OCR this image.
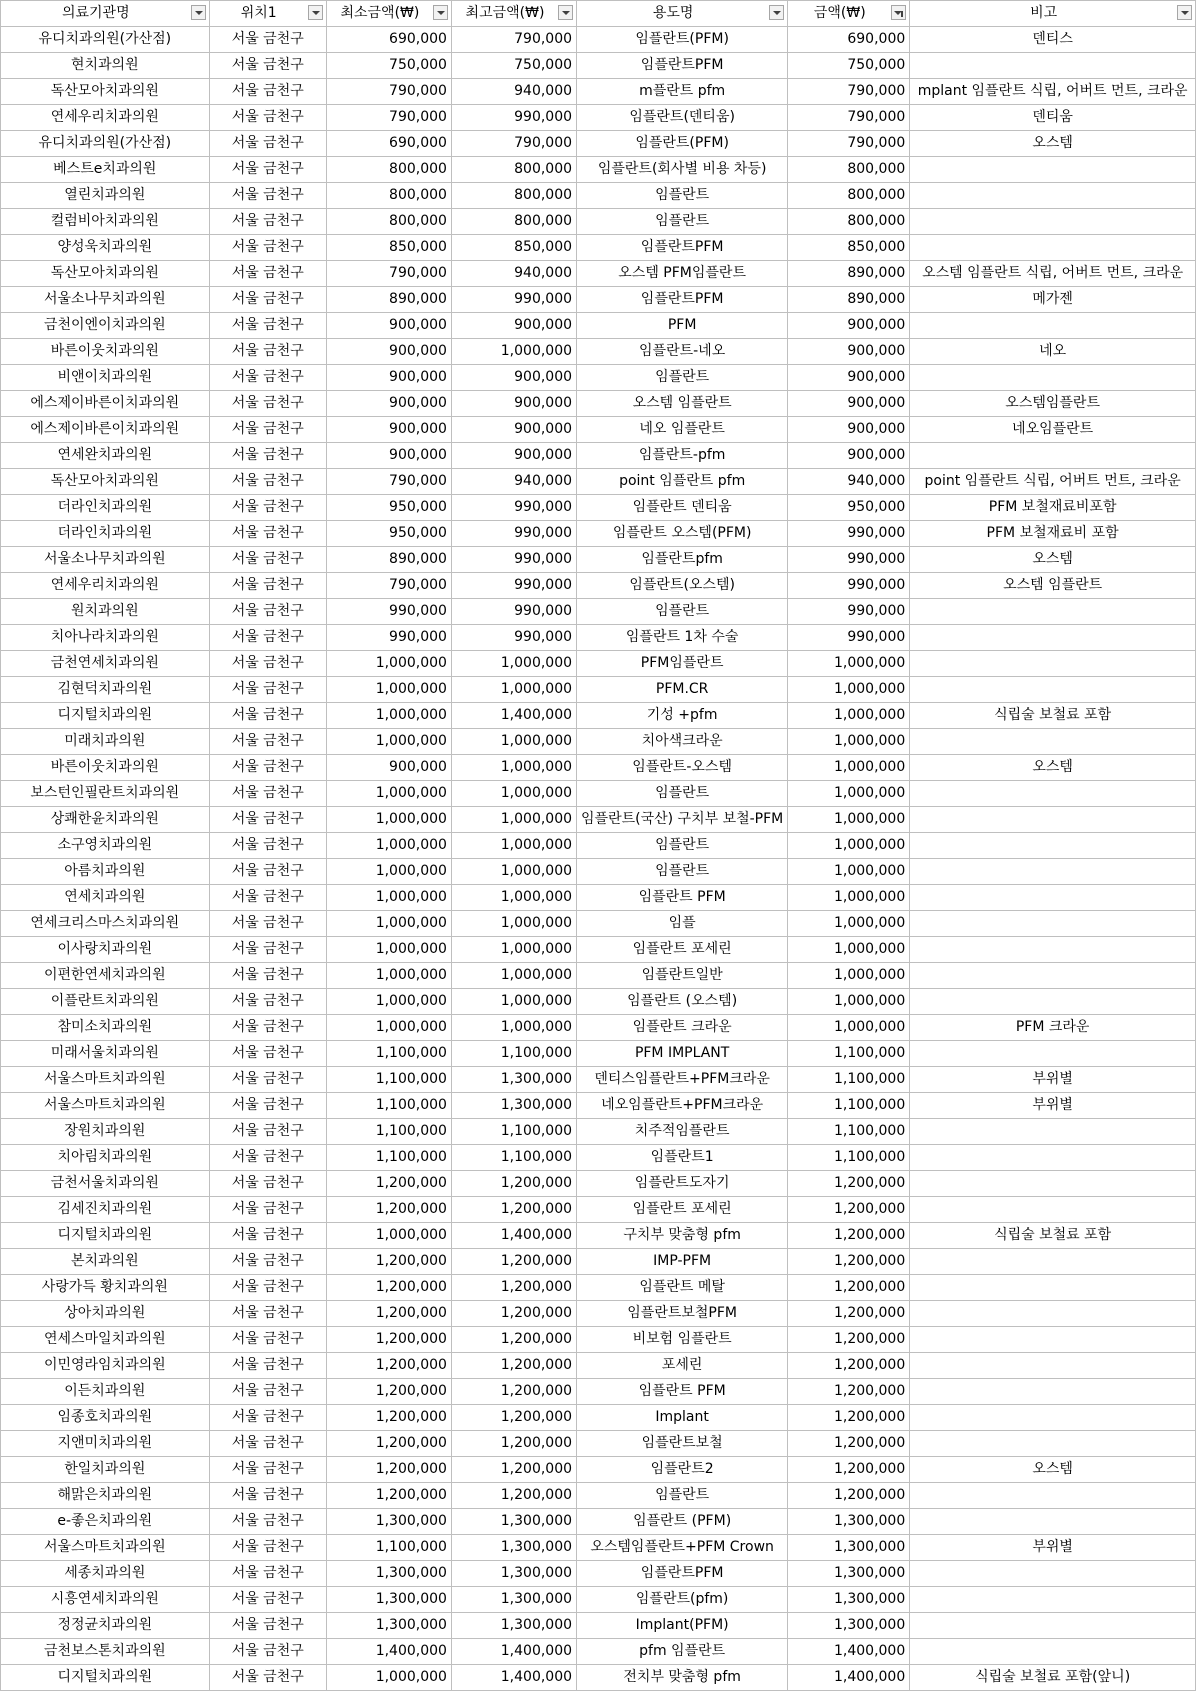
의료기관명	위치1	최소금액(₩)	최고금액(₩)	용도명	금액(₩)	비고

유디치과의원(가산점)	서울 금천구	690,000	790,000	임플란트(PFM)	690,000	덴티스
현치과의원	서울 금천구	750,000	750,000	임플란트PFM	750,000	
독산모아치과의원	서울 금천구	790,000	940,000	m플란트 pfm	790,000	mplant 임플란트 식립, 어버트 먼트, 크라운
연세우리치과의원	서울 금천구	790,000	990,000	임플란트(덴티움)	790,000	덴티움
유디치과의원(가산점)	서울 금천구	690,000	790,000	임플란트(PFM)	790,000	오스템
베스트e치과의원	서울 금천구	800,000	800,000	임플란트(회사별 비용 차등)	800,000	
열린치과의원	서울 금천구	800,000	800,000	임플란트	800,000	
컬럼비아치과의원	서울 금천구	800,000	800,000	임플란트	800,000	
양성욱치과의원	서울 금천구	850,000	850,000	임플란트PFM	850,000	
독산모아치과의원	서울 금천구	790,000	940,000	오스템 PFM임플란트	890,000	오스템 임플란트 식립, 어버트 먼트, 크라운
서울소나무치과의원	서울 금천구	890,000	990,000	임플란트PFM	890,000	메가젠
금천이엔이치과의원	서울 금천구	900,000	900,000	PFM	900,000	
바른이웃치과의원	서울 금천구	900,000	1,000,000	임플란트-네오	900,000	네오
비앤이치과의원	서울 금천구	900,000	900,000	임플란트	900,000	
에스제이바른이치과의원	서울 금천구	900,000	900,000	오스템 임플란트	900,000	오스템임플란트
에스제이바른이치과의원	서울 금천구	900,000	900,000	네오 임플란트	900,000	네오임플란트
연세완치과의원	서울 금천구	900,000	900,000	임플란트-pfm	900,000	
독산모아치과의원	서울 금천구	790,000	940,000	point 임플란트 pfm	940,000	point 임플란트 식립, 어버트 먼트, 크라운
더라인치과의원	서울 금천구	950,000	990,000	임플란트 덴티움	950,000	PFM 보철재료비포함
더라인치과의원	서울 금천구	950,000	990,000	임플란트 오스템(PFM)	990,000	PFM 보철재료비 포함
서울소나무치과의원	서울 금천구	890,000	990,000	임플란트pfm	990,000	오스템
연세우리치과의원	서울 금천구	790,000	990,000	임플란트(오스템)	990,000	오스템 임플란트
원치과의원	서울 금천구	990,000	990,000	임플란트	990,000	
치아나라치과의원	서울 금천구	990,000	990,000	임플란트 1차 수술	990,000	
금천연세치과의원	서울 금천구	1,000,000	1,000,000	PFM임플란트	1,000,000	
김현덕치과의원	서울 금천구	1,000,000	1,000,000	PFM.CR	1,000,000	
디지털치과의원	서울 금천구	1,000,000	1,400,000	기성 +pfm	1,000,000	식립술 보철료 포함
미래치과의원	서울 금천구	1,000,000	1,000,000	치아색크라운	1,000,000	
바른이웃치과의원	서울 금천구	900,000	1,000,000	임플란트-오스템	1,000,000	오스템
보스턴인필란트치과의원	서울 금천구	1,000,000	1,000,000	임플란트	1,000,000	
상쾌한윤치과의원	서울 금천구	1,000,000	1,000,000	임플란트(국산) 구치부 보철-PFM	1,000,000	
소구영치과의원	서울 금천구	1,000,000	1,000,000	임플란트	1,000,000	
아름치과의원	서울 금천구	1,000,000	1,000,000	임플란트	1,000,000	
연세치과의원	서울 금천구	1,000,000	1,000,000	임플란트 PFM	1,000,000	
연세크리스마스치과의원	서울 금천구	1,000,000	1,000,000	임플	1,000,000	
이사랑치과의원	서울 금천구	1,000,000	1,000,000	임플란트 포세린	1,000,000	
이편한연세치과의원	서울 금천구	1,000,000	1,000,000	임플란트일반	1,000,000	
이플란트치과의원	서울 금천구	1,000,000	1,000,000	임플란트 (오스템)	1,000,000	
참미소치과의원	서울 금천구	1,000,000	1,000,000	임플란트 크라운	1,000,000	PFM 크라운
미래서울치과의원	서울 금천구	1,100,000	1,100,000	PFM IMPLANT	1,100,000	
서울스마트치과의원	서울 금천구	1,100,000	1,300,000	덴티스임플란트+PFM크라운	1,100,000	부위별
서울스마트치과의원	서울 금천구	1,100,000	1,300,000	네오임플란트+PFM크라운	1,100,000	부위별
장원치과의원	서울 금천구	1,100,000	1,100,000	치주적임플란트	1,100,000	
치아림치과의원	서울 금천구	1,100,000	1,100,000	임플란트1	1,100,000	
금천서울치과의원	서울 금천구	1,200,000	1,200,000	임플란트도자기	1,200,000	
김세진치과의원	서울 금천구	1,200,000	1,200,000	임플란트 포세린	1,200,000	
디지털치과의원	서울 금천구	1,000,000	1,400,000	구치부 맞춤형 pfm	1,200,000	식립술 보철료 포함
본치과의원	서울 금천구	1,200,000	1,200,000	IMP-PFM	1,200,000	
사랑가득 황치과의원	서울 금천구	1,200,000	1,200,000	임플란트 메탈	1,200,000	
상아치과의원	서울 금천구	1,200,000	1,200,000	임플란트보철PFM	1,200,000	
연세스마일치과의원	서울 금천구	1,200,000	1,200,000	비보험 임플란트	1,200,000	
이민영라임치과의원	서울 금천구	1,200,000	1,200,000	포세린	1,200,000	
이든치과의원	서울 금천구	1,200,000	1,200,000	임플란트 PFM	1,200,000	
임종호치과의원	서울 금천구	1,200,000	1,200,000	Implant	1,200,000	
지앤미치과의원	서울 금천구	1,200,000	1,200,000	임플란트보철	1,200,000	
한일치과의원	서울 금천구	1,200,000	1,200,000	임플란트2	1,200,000	오스템
해맑은치과의원	서울 금천구	1,200,000	1,200,000	임플란트	1,200,000	
e-좋은치과의원	서울 금천구	1,300,000	1,300,000	임플란트 (PFM)	1,300,000	
서울스마트치과의원	서울 금천구	1,100,000	1,300,000	오스템임플란트+PFM Crown	1,300,000	부위별
세종치과의원	서울 금천구	1,300,000	1,300,000	임플란트PFM	1,300,000	
시흥연세치과의원	서울 금천구	1,300,000	1,300,000	임플란트(pfm)	1,300,000	
정정균치과의원	서울 금천구	1,300,000	1,300,000	Implant(PFM)	1,300,000	
금천보스톤치과의원	서울 금천구	1,400,000	1,400,000	pfm 임플란트	1,400,000	
디지털치과의원	서울 금천구	1,000,000	1,400,000	전치부 맞춤형 pfm	1,400,000	식립술 보철료 포함(앞니)
